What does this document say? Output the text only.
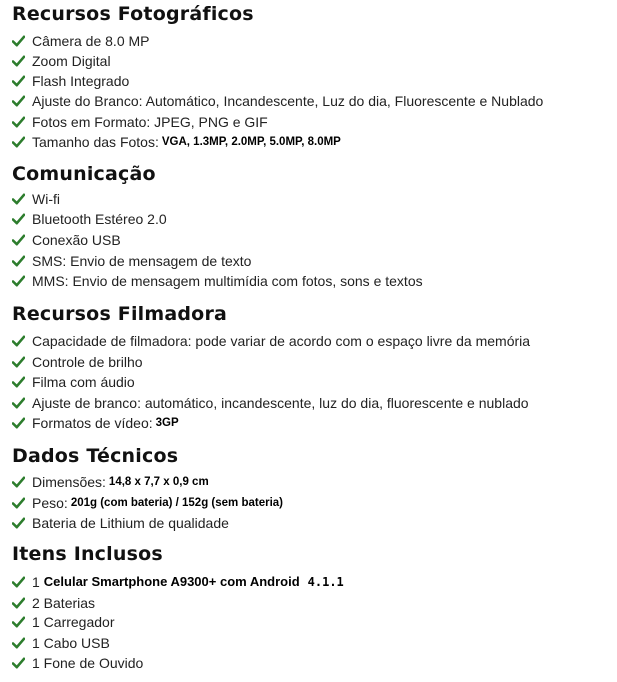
Recursos Fotográficos
Câmera de 8.0 MP
Zoom Digital
Flash Integrado
Ajuste do Branco: Automático, Incandescente, Luz do dia, Fluorescente e Nublado
Fotos em Formato: JPEG, PNG e GIF
Tamanho das Fotos: VGA, 1.3MP, 2.0MP, 5.0MP, 8.0MP
Comunicação
Wi-fi
Bluetooth Estéreo 2.0
Conexão USB
SMS: Envio de mensagem de texto
MMS: Envio de mensagem multimídia com fotos, sons e textos
Recursos Filmadora
Capacidade de filmadora: pode variar de acordo com o espaço livre da memória
Controle de brilho
Filma com áudio
Ajuste de branco: automático, incandescente, luz do dia, fluorescente e nublado
Formatos de vídeo: 3GP
Dados Técnicos
Dimensões: 14,8 x 7,7 x 0,9 cm
Peso: 201g (com bateria) / 152g (sem bateria)
Bateria de Lithium de qualidade
Itens Inclusos
1 Celular Smartphone A9300+ com Android 4.1.1
2 Baterias
1 Carregador
1 Cabo USB
1 Fone de Ouvido
